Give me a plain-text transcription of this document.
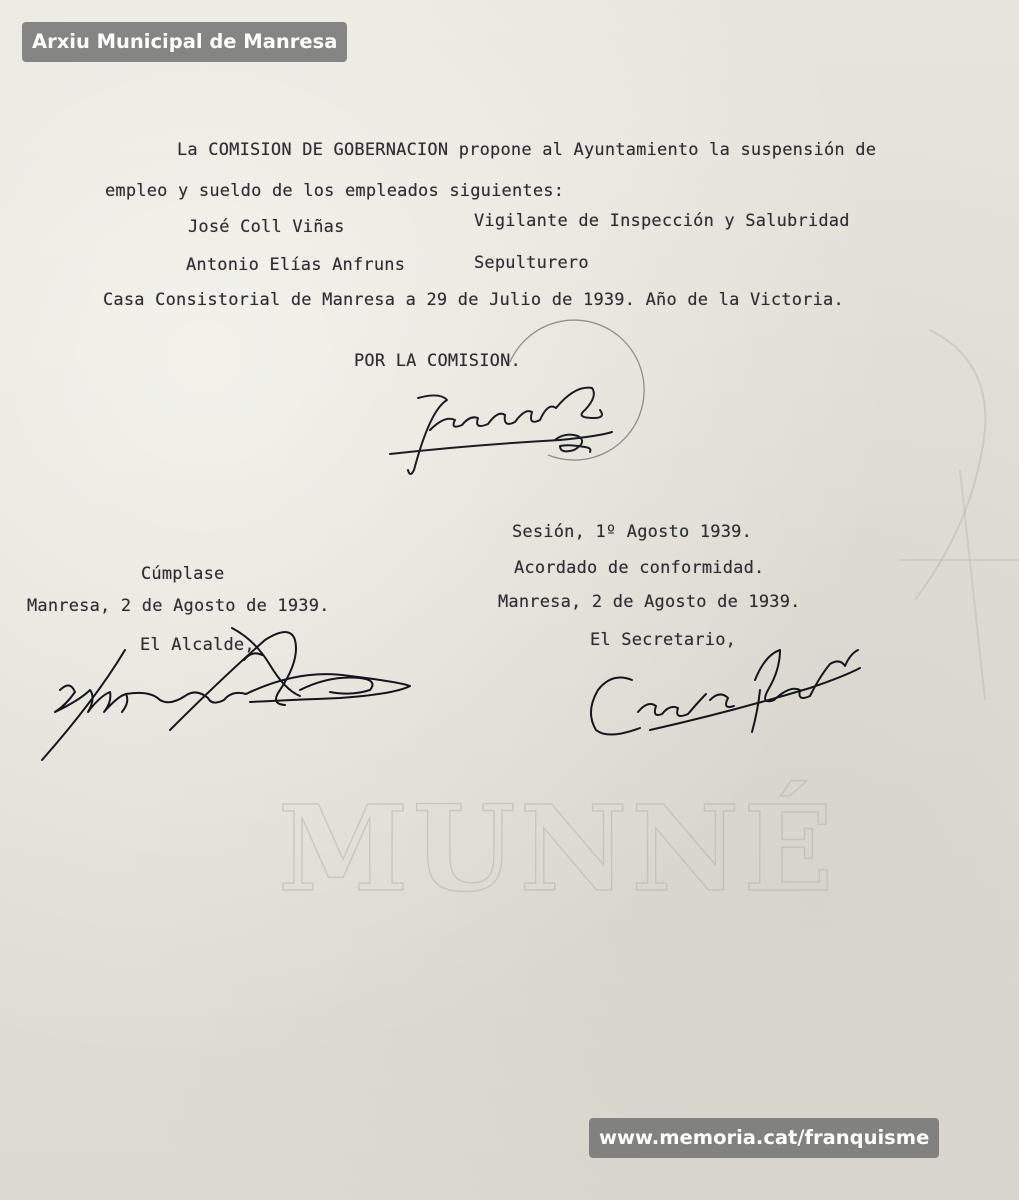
MUNNÉ
La COMISION DE GOBERNACION propone al Ayuntamiento la suspensión de
empleo y sueldo de los empleados siguientes:
José Coll Viñas	Vigilante de Inspección y Salubridad
Antonio Elías Anfruns	Sepulturero
Casa Consistorial de Manresa a 29 de Julio de 1939. Año de la Victoria.
POR LA COMISION.
Sesión, 1º Agosto 1939.
Acordado de conformidad.
Manresa, 2 de Agosto de 1939.
El Secretario,
Cúmplase
Manresa, 2 de Agosto de 1939.
El Alcalde,
Arxiu Municipal de Manresa
www.memoria.cat/franquisme
